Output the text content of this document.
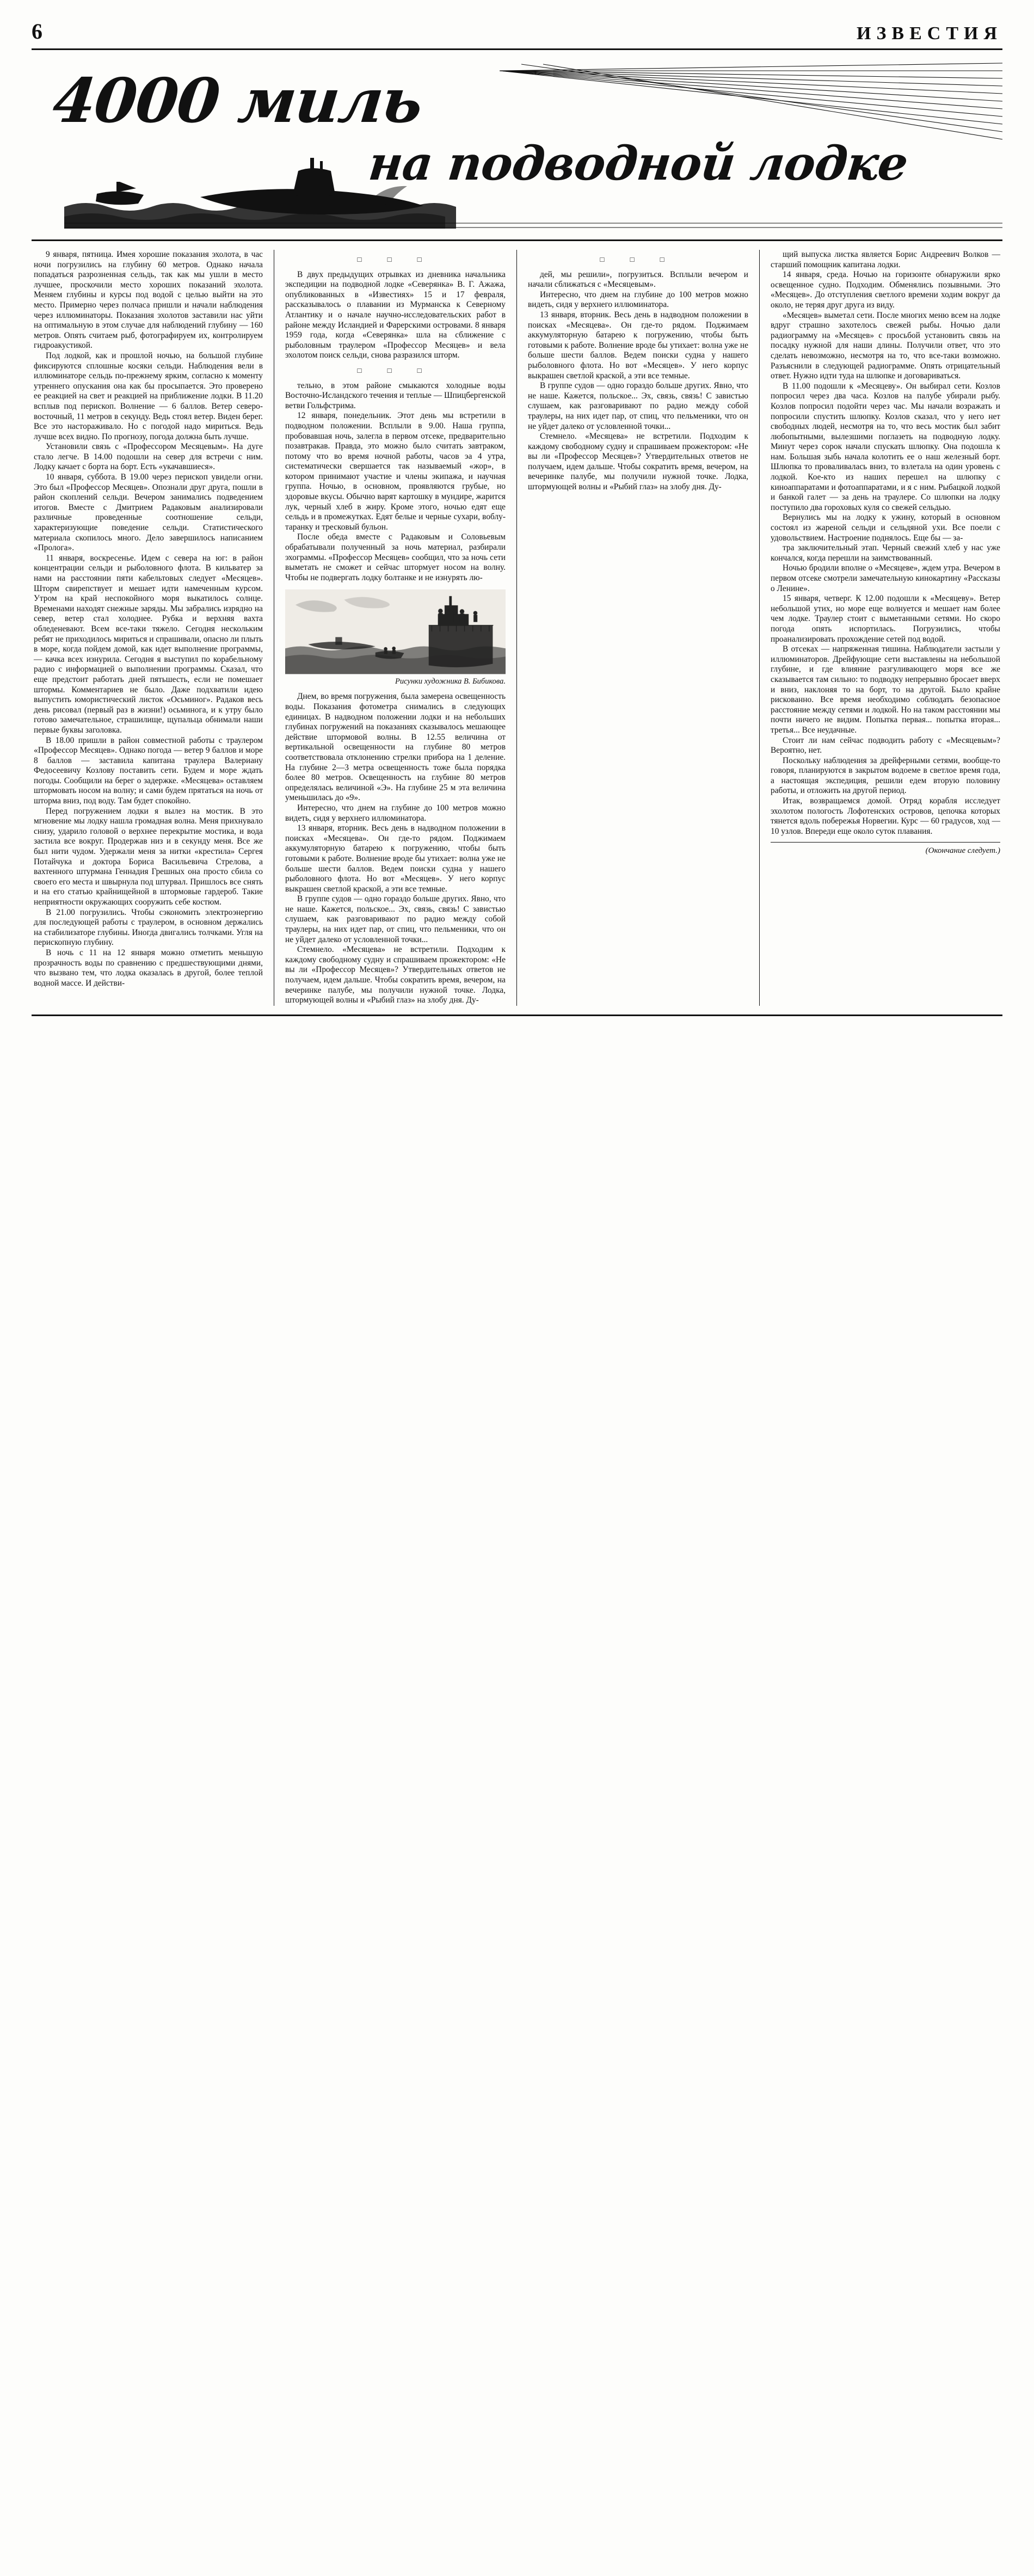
6	ИЗВЕСТИЯ
4000 миль
на подводной лодке

9 января, пятница. Имея хорошие показания эхолота, в час ночи погрузились на глубину 60 метров. Однако начала попадаться разрозненная сельдь, так как мы ушли в место лучшее, проскочили место хороших показаний эхолота. Меняем глубины и курсы под водой с целью выйти на это место. Примерно через полчаса пришли и начали наблюдения через иллюминаторы. Показания эхолотов заставили нас уйти на оптимальную в этом случае для наблюдений глубину — 160 метров. Опять считаем рыб, фотографируем их, контролируем гидроакустикой.

Под лодкой, как и прошлой ночью, на большой глубине фиксируются сплошные косяки сельди. Наблюдения вели в иллюминаторе сельдь по-прежнему ярким, согласно к моменту утреннего опускания она как бы просыпается. Это проверено ее реакцией на свет и реакцией на приближение лодки. В 11.20 всплыв под перископ. Волнение — 6 баллов. Ветер северо-восточный, 11 метров в секунду. Ведь стоял ветер. Виден берег. Все это настораживало. Но с погодой надо мириться. Ведь лучше всех видно. По прогнозу, погода должна быть лучше.

Установили связь с «Профессором Месяцевым». На дуге стало легче. В 14.00 подошли на север для встречи с ним. Лодку качает с борта на борт. Есть «укачавшиеся».

10 января, суббота. В 19.00 через перископ увидели огни. Это был «Профессор Месяцев». Опознали друг друга, пошли в район скоплений сельди. Вечером занимались подведением итогов. Вместе с Дмитрием Радаковым анализировали различные проведенные соотношение сельди, характеризующие поведение сельди. Статистического материала скопилось много. Дело завершилось написанием «Пролога».

11 января, воскресенье. Идем с севера на юг: в район концентрации сельди и рыболовного флота. В кильватер за нами на расстоянии пяти кабельтовых следует «Месяцев». Шторм свирепствует и мешает идти намеченным курсом. Утром на край неспокойного моря выкатилось солнце. Временами находят снежные заряды. Мы забрались изрядно на север, ветер стал холоднее. Рубка и верхняя вахта обледеневают. Всем все-таки тяжело. Сегодня нескольким ребят не приходилось мириться и спрашивали, опасно ли плыть в море, когда пойдем домой, как идет выполнение программы, — качка всех изнурила. Сегодня я выступил по корабельному радио с информацией о выполнении программы. Сказал, что еще предстоит работать дней пятьшесть, если не помешает штормы. Комментариев не было. Даже подхватили идею выпустить юмористический листок «Осьминог». Радаков весь день рисовал (первый раз в жизни!) осьминога, и к утру было готово замечательное, страшилище, щупальца обнимали наши первые буквы заголовка.

В 18.00 пришли в район совместной работы с траулером «Профессор Месяцев». Однако погода — ветер 9 баллов и море 8 баллов — заставила капитана траулера Валериану Федосеевичу Козлову поставить сети. Будем и море ждать погоды. Сообщили на берег о задержке. «Месяцева» оставляем штормовать носом на волну; и сами будем прятаться на ночь от шторма вниз, под воду. Там будет спокойно.

Перед погружением лодки я вылез на мостик. В это мгновение мы лодку нашла громадная волна. Меня прихнувало снизу, ударило головой о верхнее перекрытие мостика, и вода застила все вокруг. Продержав низ и в секунду меня. Все же был нити чудом. Удержали меня за нитки «крестила» Сергея Потайчука и доктора Бориса Васильевича Стрелова, а вахтенного штурмана Геннадия Грешных она просто сбила со своего его места и швырнула под штурвал. Пришлось все снять и на его статью крайнищейной в штормовые гардероб. Такие неприятности окружающих сооружить себе костюм.

В 21.00 погрузились. Чтобы сэкономить электроэнергию для последующей работы с траулером, в основном держались на стабилизаторе глубины. Иногда двигались толчками. Угля на перископную глубину.

В ночь с 11 на 12 января можно отметить меньшую прозрачность воды по сравнению с предшествующими днями, что вызвано тем, что лодка оказалась в другой, более теплой водной массе. И действи-

□ □ □

В двух предыдущих отрывках из дневника начальника экспедиции на подводной лодке «Северянка» В. Г. Ажажа, опубликованных в «Известиях» 15 и 17 февраля, рассказывалось о плавании из Мурманска к Северному Атлантику и о начале научно-исследовательских работ в районе между Исландией и Фарерскими островами. 8 января 1959 года, когда «Северянка» шла на сближение с рыболовным траулером «Профессор Месяцев» и вела эхолотом поиск сельди, снова разразился шторм.

□ □ □

тельно, в этом районе смыкаются холодные воды Восточно-Исландского течения и теплые — Шпицбергенской ветви Гольфстрима.

12 января, понедельник. Этот день мы встретили в подводном положении. Всплыли в 9.00. Наша группа, пробовавшая ночь, залегла в первом отсеке, предварительно позавтракав. Правда, это можно было считать завтраком, потому что во время ночной работы, часов эа 4 утра, систематически свершается так называемый «жор», в котором принимают участие и члены экипажа, и научная группа. Ночью, в основном, проявляются грубые, но здоровые вкусы. Обычно варят картошку в мундире, жарится лук, черный хлеб в жиру. Кроме этого, ночью едят еще сельдь и в промежутках. Едят белые и черные сухари, воблу-таранку и тресковый бульон.

После обеда вместе с Радаковым и Соловьевым обрабатывали полученный за ночь материал, разбирали эхограммы. «Профессор Месяцев» сообщил, что за ночь сети выметать не сможет и сейчас штормует носом на волну. Чтобы не подвергать лодку болтанке и не изнурять лю-

Рисунки художника В. Бибикова.

Днем, во время погружения, была замерена освещенность воды. Показания фотометра снимались в следующих единицах. В надводном положении лодки и на небольших глубинах погружений на показаниях сказывалось мешающее действие штормовой волны. В 12.55 величина от вертикальной освещенности на глубине 80 метров соответствовала отклонению стрелки прибора на 1 деление. На глубине 2—3 метра освещенность тоже была порядка более 80 метров. Освещенность на глубине 80 метров определялась величиной «Э». На глубине 25 м эта величина уменьшилась до «9».

Интересно, что днем на глубине до 100 метров можно видеть, сидя у верхнего иллюминатора.

13 января, вторник. Весь день в надводном положении в поисках «Месяцева». Он где-то рядом. Поджимаем аккумуляторную батарею к погружению, чтобы быть готовыми к работе. Волнение вроде бы утихает: волна уже не больше шести баллов. Ведем поиски судна у нашего рыболовного флота. Но вот «Месяцев». У него корпус выкрашен светлой краской, а эти все темные.

В группе судов — одно гораздо больше других. Явно, что не наше. Кажется, польское... Эх, связь, связь! С завистью слушаем, как разговаривают по радио между собой траулеры, на них идет пар, от спиц, что пельменики, что он не уйдет далеко от условленной точки...

Стемнело. «Месяцева» не встретили. Подходим к каждому свободному судну и спрашиваем прожектором: «Не вы ли «Профессор Месяцев»? Утвердительных ответов не получаем, идем дальше. Чтобы сократить время, вечером, на вечеринке палубе, мы получили нужной точке. Лодка, штормующей волны и «Рыбий глаз» на злобу дня. Ду-

□ □ □

дей, мы решили», погрузиться. Всплыли вечером и начали сближаться с «Месяцевым».

Интересно, что днем на глубине до 100 метров можно видеть, сидя у верхнего иллюминатора.

13 января, вторник. Весь день в надводном положении в поисках «Месяцева». Он где-то рядом. Поджимаем аккумуляторную батарею к погружению, чтобы быть готовыми к работе. Волнение вроде бы утихает: волна уже не больше шести баллов. Ведем поиски судна у нашего рыболовного флота. Но вот «Месяцев». У него корпус выкрашен светлой краской, а эти все темные.

В группе судов — одно гораздо больше других. Явно, что не наше. Кажется, польское... Эх, связь, связь! С завистью слушаем, как разговаривают по радио между собой траулеры, на них идет пар, от спиц, что пельменики, что он не уйдет далеко от условленной точки...

Стемнело. «Месяцева» не встретили. Подходим к каждому свободному судну и спрашиваем прожектором: «Не вы ли «Профессор Месяцев»? Утвердительных ответов не получаем, идем дальше. Чтобы сократить время, вечером, на вечеринке палубе, мы получили нужной точке. Лодка, штормующей волны и «Рыбий глаз» на злобу дня. Ду-

щий выпуска листка является Борис Андреевич Волков — старший помощник капитана лодки.

14 января, среда. Ночью на горизонте обнаружили ярко освещенное судно. Подходим. Обменялись позывными. Это «Месяцев». До отступления светлого времени ходим вокруг да около, не теряя друг друга из виду.

«Месяцев» выметал сети. После многих меню всем на лодке вдруг страшно захотелось свежей рыбы. Ночью дали радиограмму на «Месяцев» с просьбой установить связь на посадку нужной для наши длины. Получили ответ, что это сделать невозможно, несмотря на то, что все-таки возможно. Разъяснили в следующей радиограмме. Опять отрицательный ответ. Нужно идти туда на шлюпке и договариваться.

В 11.00 подошли к «Месяцеву». Он выбирал сети. Козлов попросил через два часа. Козлов на палубе убирали рыбу. Козлов попросил подойти через час. Мы начали возражать и попросили спустить шлюпку. Козлов сказал, что у него нет свободных людей, несмотря на то, что весь мостик был забит любопытными, вылезшими поглазеть на подводную лодку. Минут через сорок начали спускать шлюпку. Она подошла к нам. Большая зыбь начала колотить ее о наш железный борт. Шлюпка то проваливалась вниз, то взлетала на один уровень с лодкой. Кое-кто из наших перешел на шлюпку с киноаппаратами и фотоаппаратами, и я с ним. Рыбацкой лодкой и банкой галет — за день на траулере. Со шлюпки на лодку поступило два гороховых куля со свежей сельдью.

Вернулись мы на лодку к ужину, который в основном состоял из жареной сельди и сельдяной ухи. Все поели с удовольствием. Настроение поднялось. Еще бы — за-

тра заключительный этап. Черный свежий хлеб у нас уже кончался, когда перешли на заимствованный.

Ночью бродили вполне о «Месяцеве», ждем утра. Вечером в первом отсеке смотрели замечательную кинокартину «Рассказы о Ленине».

15 января, четверг. К 12.00 подошли к «Месяцеву». Ветер небольшой утих, но море еще волнуется и мешает нам более чем лодке. Траулер стоит с выметанными сетями. Но скоро погода опять испортилась. Погрузились, чтобы проанализировать прохождение сетей под водой.

В отсеках — напряженная тишина. Наблюдатели застыли у иллюминаторов. Дрейфующие сети выставлены на небольшой глубине, и где влияние разгуливающего моря все же сказывается там сильно: то подводку непрерывно бросает вверх и вниз, наклоняя то на борт, то на другой. Было крайне рискованно. Все время необходимо соблюдать безопасное расстояние между сетями и лодкой. Но на таком расстоянии мы почти ничего не видим. Попытка первая... попытка вторая... третья... Все неудачные.

Стоит ли нам сейчас подводить работу с «Месяцевым»? Вероятно, нет.

Поскольку наблюдения за дрейферными сетями, вообще-то говоря, планируются в закрытом водоеме в светлое время года, а настоящая экспедиция, решили едем вторую половину работы, и отложить на другой период.

Итак, возвращаемся домой. Отряд корабля исследует эхолотом пологость Лофотенских островов, цепочка которых тянется вдоль побережья Норвегии. Курс — 60 градусов, ход — 10 узлов. Впереди еще около суток плавания.

(Окончание следует.)
